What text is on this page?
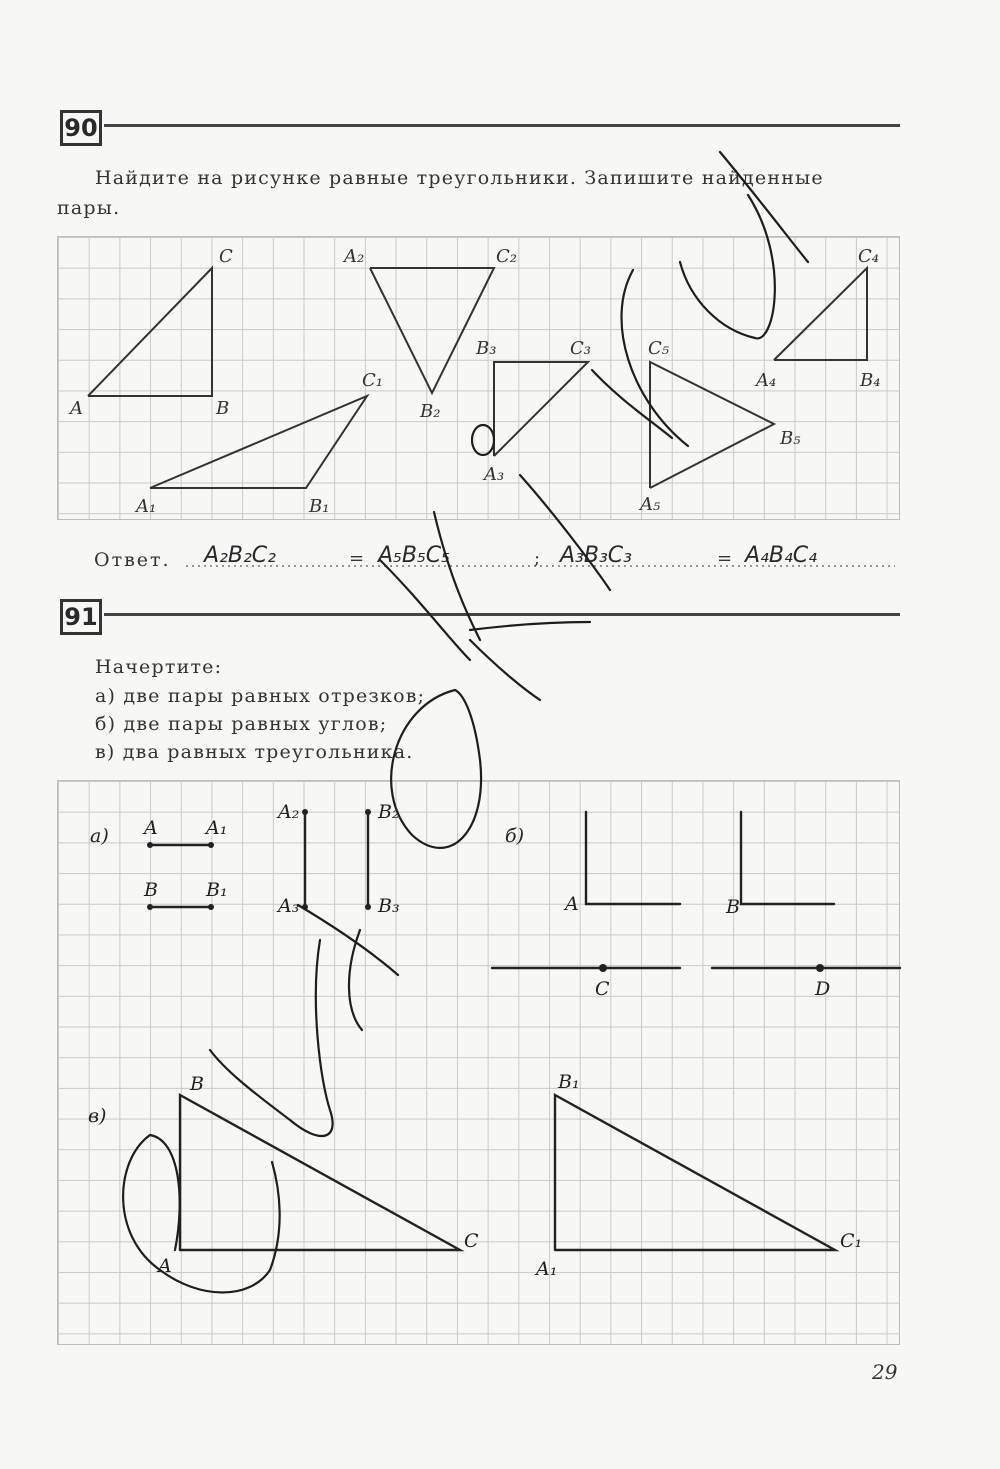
90
Найдите на рисунке равные треугольники. Запишите найденные
пары.
C
A	B
A₂	C₂
B₂
C₁
A₁	B₁
B₃	C₃
A₃
C₅
B₅
A₅
C₄
A₄	B₄
Ответ. A₂B₂C₂	= A₅B₅C₅	; A₃B₃C₃	= A₄B₄C₄
91
Начертите:
а) две пары равных отрезков;
б) две пары равных углов;
в) два равных треугольника.
а) A	A₁
B	B₁
A₂	B₂
A₃	B₃
б)
A	B
C	D
в)
B
A
C
B₁
A₁
C₁
29
